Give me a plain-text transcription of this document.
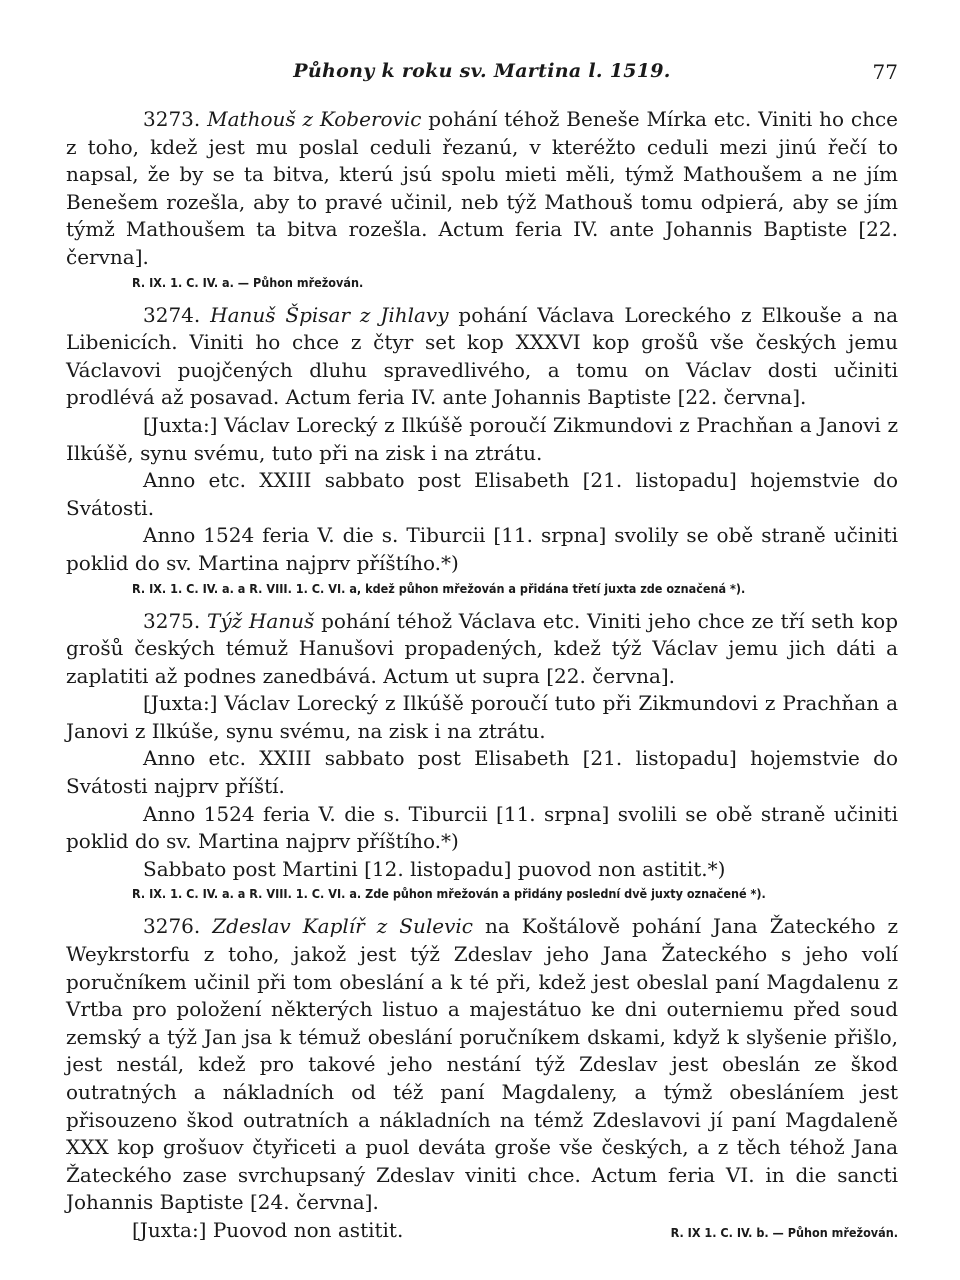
Půhony k roku sv. Martina l. 1519.	77

3273. Mathouš z Koberovic pohání téhož Beneše Mírka etc. Viniti ho chce z toho, kdež jest mu poslal ceduli řezanú, v kteréžto ceduli mezi jinú řečí to napsal, že by se ta bitva, kterú jsú spolu mieti měli, týmž Mathoušem a ne jím Benešem rozešla, aby to pravé učinil, neb týž Mathouš tomu odpierá, aby se jím týmž Mathoušem ta bitva rozešla. Actum feria IV. ante Johannis Baptiste [22. června].

R. IX. 1. C. IV. a. — Půhon mřežován.

3274. Hanuš Špisar z Jihlavy pohání Václava Loreckého z Elkouše a na Libenicích. Viniti ho chce z čtyr set kop XXXVI kop grošů vše českých jemu Václavovi puojčených dluhu spravedlivého, a tomu on Václav dosti učiniti prodlévá až posavad. Actum feria IV. ante Johannis Baptiste [22. června].

[Juxta:] Václav Lorecký z Ilkúšě poroučí Zikmundovi z Prachňan a Janovi z Ilkúšě, synu svému, tuto při na zisk i na ztrátu.

Anno etc. XXIII sabbato post Elisabeth [21. listopadu] hojemstvie do Svátosti.

Anno 1524 feria V. die s. Tiburcii [11. srpna] svolily se obě straně učiniti poklid do sv. Martina najprv příštího.*)

R. IX. 1. C. IV. a. a R. VIII. 1. C. VI. a, kdež půhon mřežován a přidána třetí juxta zde označená *).

3275. Týž Hanuš pohání téhož Václava etc. Viniti jeho chce ze tří seth kop grošů českých témuž Hanušovi propadených, kdež týž Václav jemu jich dáti a zaplatiti až podnes zanedbává. Actum ut supra [22. června].

[Juxta:] Václav Lorecký z Ilkúšě poroučí tuto při Zikmundovi z Prachňan a Janovi z Ilkúše, synu svému, na zisk i na ztrátu.

Anno etc. XXIII sabbato post Elisabeth [21. listopadu] hojemstvie do Svátosti najprv příští.

Anno 1524 feria V. die s. Tiburcii [11. srpna] svolili se obě straně učiniti poklid do sv. Martina najprv příštího.*)

Sabbato post Martini [12. listopadu] puovod non astitit.*)

R. IX. 1. C. IV. a. a R. VIII. 1. C. VI. a. Zde půhon mřežován a přidány poslední dvě juxty označené *).

3276. Zdeslav Kaplíř z Sulevic na Koštálově pohání Jana Žateckého z Weykrstorfu z toho, jakož jest týž Zdeslav jeho Jana Žateckého s jeho volí poručníkem učinil při tom obeslání a k té při, kdež jest obeslal paní Magdalenu z Vrtba pro položení některých listuo a majestátuo ke dni outerniemu před soud zemský a týž Jan jsa k témuž obeslání poručníkem dskami, když k slyšenie přišlo, jest nestál, kdež pro takové jeho nestání týž Zdeslav jest obeslán ze škod outratných a nákladních od též paní Magdaleny, a týmž obesláníem jest přisouzeno škod outratních a nákladních na témž Zdeslavovi jí paní Magdaleně XXX kop grošuov čtyřiceti a puol deváta groše vše českých, a z těch téhož Jana Žateckého zase svrchupsaný Zdeslav viniti chce. Actum feria VI. in die sancti Johannis Baptiste [24. června].

[Juxta:] Puovod non astitit.	R. IX 1. C. IV. b. — Půhon mřežován.
